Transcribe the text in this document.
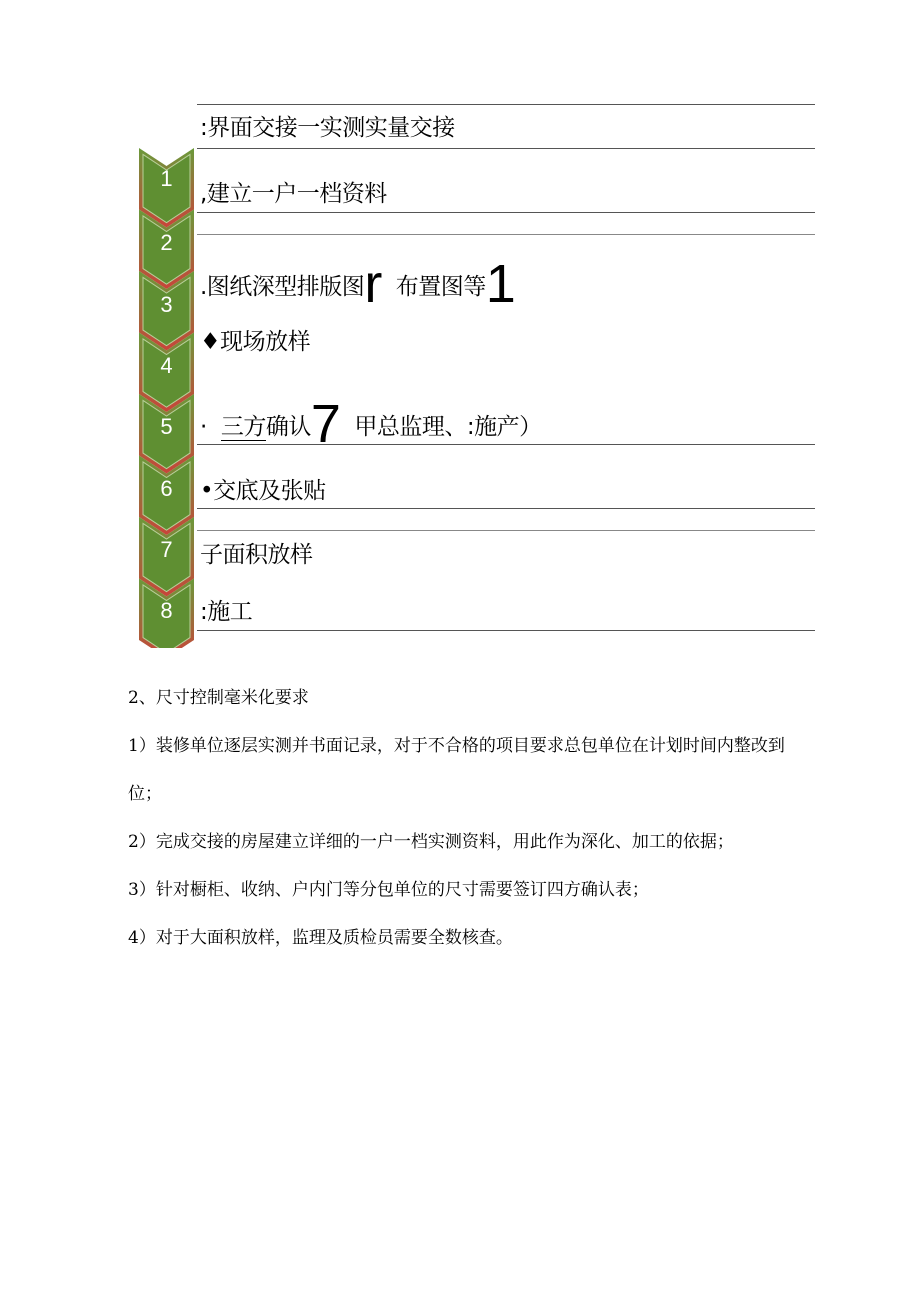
1
2
3
4
5
6
7
8
:界面交接一实测实量交接
,建立一户一档资料
.图纸深型排版图r 布置图等1
♦现场放样
· 三方确认7 甲总监理、:施产）
•交底及张贴
子面积放样
:施工

2、尺寸控制毫米化要求

1）装修单位逐层实测并书面记录，对于不合格的项目要求总包单位在计划时间内整改到位；

2）完成交接的房屋建立详细的一户一档实测资料，用此作为深化、加工的依据；

3）针对橱柜、收纳、户内门等分包单位的尺寸需要签订四方确认表；

4）对于大面积放样，监理及质检员需要全数核查。
